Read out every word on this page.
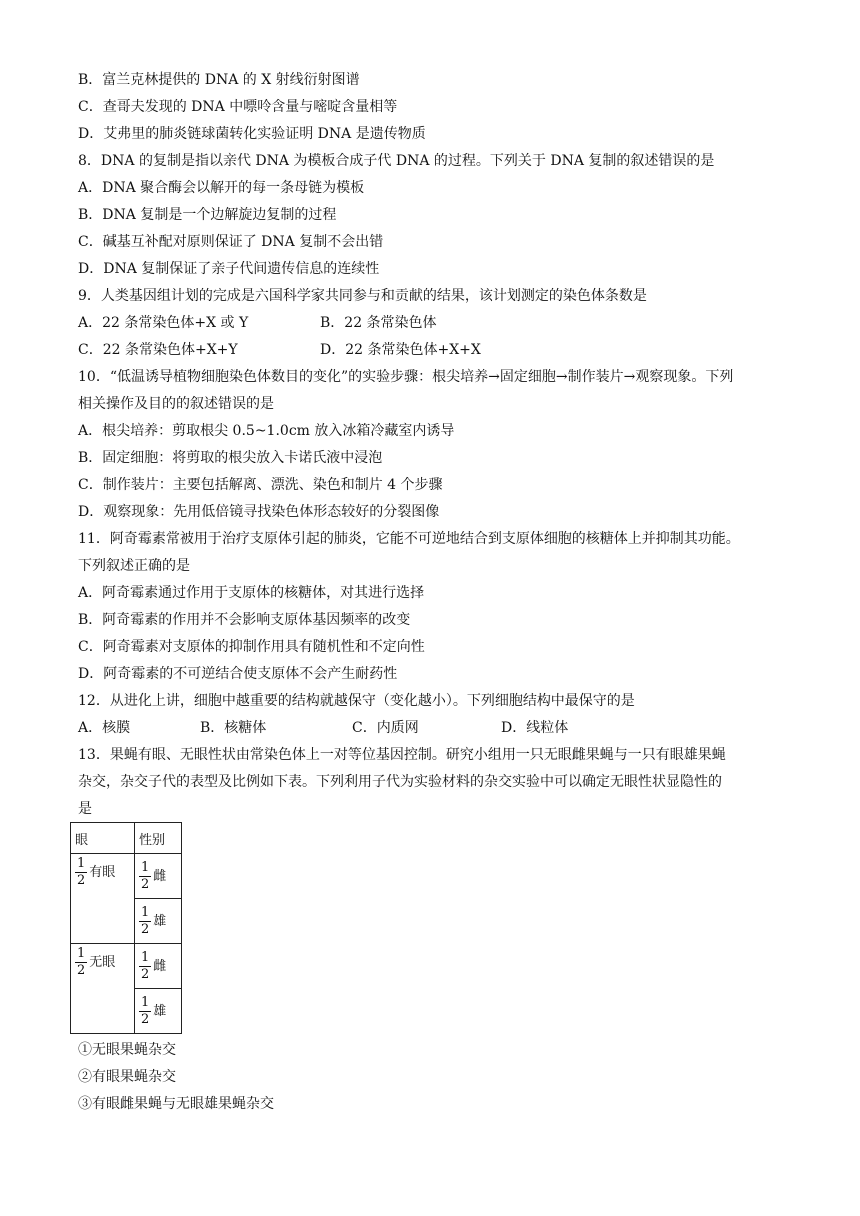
B．富兰克林提供的 DNA 的 X 射线衍射图谱
C．查哥夫发现的 DNA 中嘌呤含量与嘧啶含量相等
D．艾弗里的肺炎链球菌转化实验证明 DNA 是遗传物质
8．DNA 的复制是指以亲代 DNA 为模板合成子代 DNA 的过程。下列关于 DNA 复制的叙述错误的是
A．DNA 聚合酶会以解开的每一条母链为模板
B．DNA 复制是一个边解旋边复制的过程
C．碱基互补配对原则保证了 DNA 复制不会出错
D．DNA 复制保证了亲子代间遗传信息的连续性
9．人类基因组计划的完成是六国科学家共同参与和贡献的结果，该计划测定的染色体条数是
A．22 条常染色体+X 或 Y	B．22 条常染色体
C．22 条常染色体+X+Y	D．22 条常染色体+X+X
10．“低温诱导植物细胞染色体数目的变化”的实验步骤：根尖培养→固定细胞→制作装片→观察现象。下列
相关操作及目的的叙述错误的是
A．根尖培养：剪取根尖 0.5~1.0cm 放入冰箱冷藏室内诱导
B．固定细胞：将剪取的根尖放入卡诺氏液中浸泡
C．制作装片：主要包括解离、漂洗、染色和制片 4 个步骤
D．观察现象：先用低倍镜寻找染色体形态较好的分裂图像
11．阿奇霉素常被用于治疗支原体引起的肺炎，它能不可逆地结合到支原体细胞的核糖体上并抑制其功能。
下列叙述正确的是
A．阿奇霉素通过作用于支原体的核糖体，对其进行选择
B．阿奇霉素的作用并不会影响支原体基因频率的改变
C．阿奇霉素对支原体的抑制作用具有随机性和不定向性
D．阿奇霉素的不可逆结合使支原体不会产生耐药性
12．从进化上讲，细胞中越重要的结构就越保守（变化越小）。下列细胞结构中最保守的是
A．核膜	B．核糖体	C．内质网	D．线粒体
13．果蝇有眼、无眼性状由常染色体上一对等位基因控制。研究小组用一只无眼雌果蝇与一只有眼雄果蝇
杂交，杂交子代的表型及比例如下表。下列利用子代为实验材料的杂交实验中可以确定无眼性状显隐性的
是
眼	性别

$\frac{1}{2}$ 有眼	$\frac{1}{2}$ 雌

	$\frac{1}{2}$ 雄

$\frac{1}{2}$ 无眼	$\frac{1}{2}$ 雌

	$\frac{1}{2}$ 雄
①无眼果蝇杂交
②有眼果蝇杂交
③有眼雌果蝇与无眼雄果蝇杂交
